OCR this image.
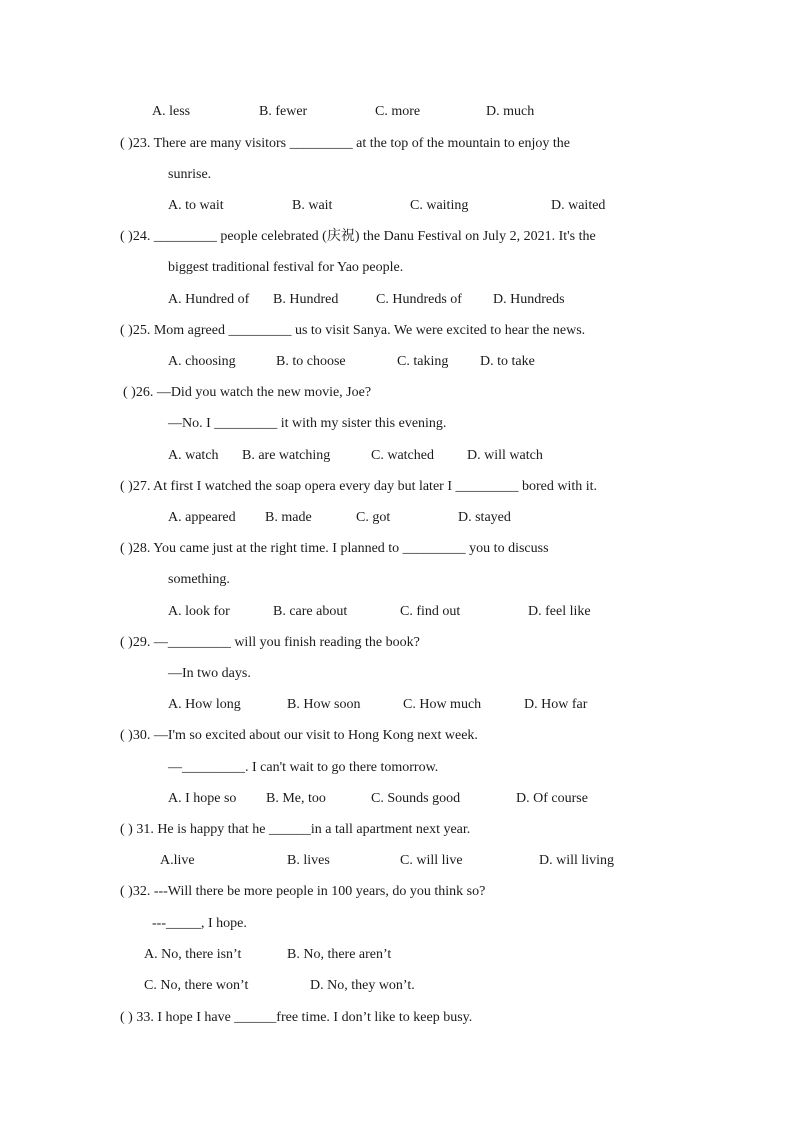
A. less	B. fewer	C. more	D. much
( )23. There are many visitors _________ at the top of the mountain to enjoy the
sunrise.
A. to wait	B. wait	C. waiting	D. waited
( )24. _________ people celebrated (庆祝) the Danu Festival on July 2, 2021. It's the
biggest traditional festival for Yao people.
A. Hundred of B. Hundred	C. Hundreds of D. Hundreds
( )25. Mom agreed _________ us to visit Sanya. We were excited to hear the news.
A. choosing	B. to choose	C. taking D. to take
( )26. —Did you watch the new movie, Joe?
—No. I _________ it with my sister this evening.
A. watch B. are watching	C. watched D. will watch
( )27. At first I watched the soap opera every day but later I _________ bored with it.
A. appeared B. made	C. got	D. stayed
( )28. You came just at the right time. I planned to _________ you to discuss
something.
A. look for	B. care about	C. find out	D. feel like
( )29. —_________ will you finish reading the book?
—In two days.
A. How long	B. How soon	C. How much	D. How far
( )30. —I'm so excited about our visit to Hong Kong next week.
—_________. I can't wait to go there tomorrow.
A. I hope so B. Me, too	C. Sounds good	D. Of course
( ) 31. He is happy that he ______in a tall apartment next year.
A.live	B. lives	C. will live	D. will living
( )32. ---Will there be more people in 100 years, do you think so?
---_____, I hope.
A. No, there isn’t	B. No, there aren’t
C. No, there won’t	D. No, they won’t.
( ) 33. I hope I have ______free time. I don’t like to keep busy.
